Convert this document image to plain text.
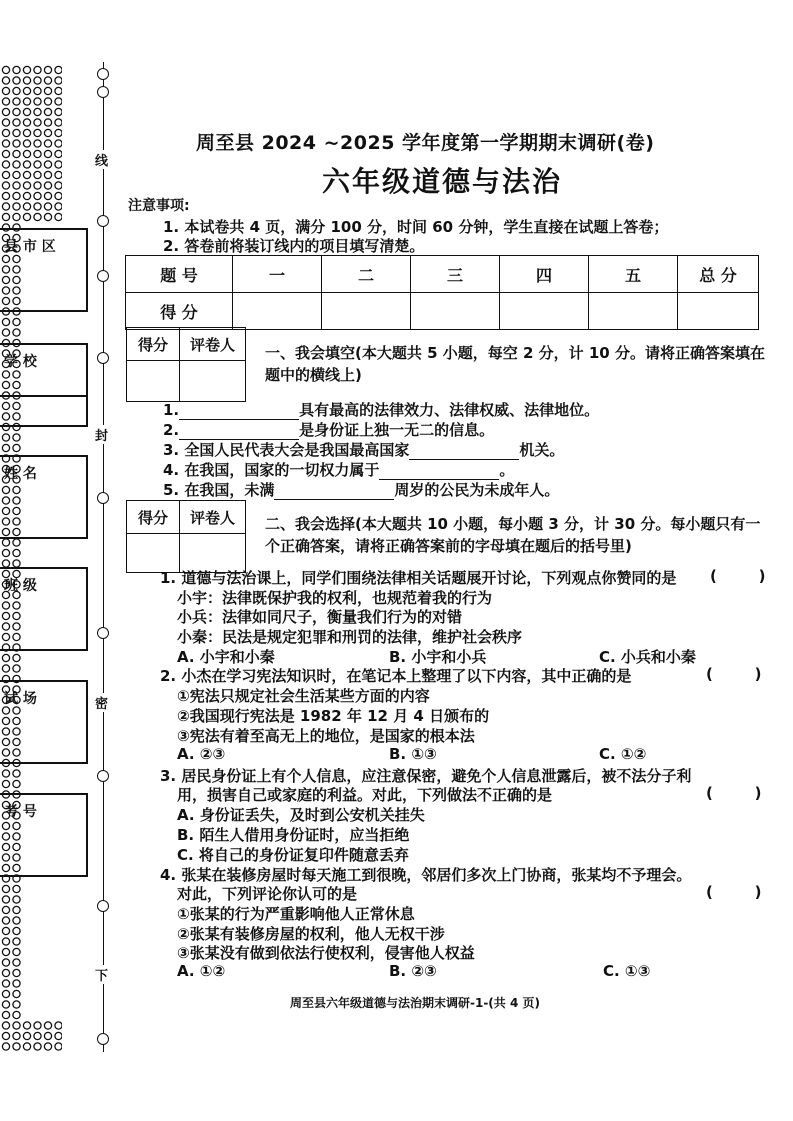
县 市 区
学 校
姓 名
班 级
试 场
考 号
线
封
密
下
周至县 2024 ~2025 学年度第一学期期末调研(卷)
六年级道德与法治
注意事项:
1. 本试卷共 4 页，满分 100 分，时间 60 分钟，学生直接在试题上答卷；
2. 答卷前将装订线内的项目填写清楚。
题 号	一	二	三	四	五	总 分
得 分						
得分	评卷人
	一、我会填空(本大题共 5 小题，每空 2 分，计 10 分。请将正确答案填在题中的横线上)
1.	具有最高的法律效力、法律权威、法律地位。
2.	是身份证上独一无二的信息。
3. 全国人民代表大会是我国最高国家	机关。
4. 在我国，国家的一切权力属于	。
5. 在我国，未满	周岁的公民为未成年人。
得分	评卷人
	二、我会选择(本大题共 10 小题，每小题 3 分，计 30 分。每小题只有一个正确答案，请将正确答案前的字母填在题后的括号里)
1. 道德与法治课上，同学们围绕法律相关话题展开讨论，下列观点你赞同的是 (        )
小宇：法律既保护我的权利，也规范着我的行为
小兵：法律如同尺子，衡量我们行为的对错
小秦：民法是规定犯罪和刑罚的法律，维护社会秩序
A. 小宇和小秦	B. 小宇和小兵	C. 小兵和小秦
2. 小杰在学习宪法知识时，在笔记本上整理了以下内容，其中正确的是	(        )
①宪法只规定社会生活某些方面的内容
②我国现行宪法是 1982 年 12 月 4 日颁布的
③宪法有着至高无上的地位，是国家的根本法
A. ②③	B. ①③	C. ①②
3. 居民身份证上有个人信息，应注意保密，避免个人信息泄露后，被不法分子利
用，损害自己或家庭的利益。对此，下列做法不正确的是	(        )
A. 身份证丢失，及时到公安机关挂失
B. 陌生人借用身份证时，应当拒绝
C. 将自己的身份证复印件随意丢弃
4. 张某在装修房屋时每天施工到很晚，邻居们多次上门协商，张某均不予理会。
对此，下列评论你认可的是	(        )
①张某的行为严重影响他人正常休息
②张某有装修房屋的权利，他人无权干涉
③张某没有做到依法行使权利，侵害他人权益
A. ①②	B. ②③	C. ①③
周至县六年级道德与法治期末调研-1-(共 4 页)
